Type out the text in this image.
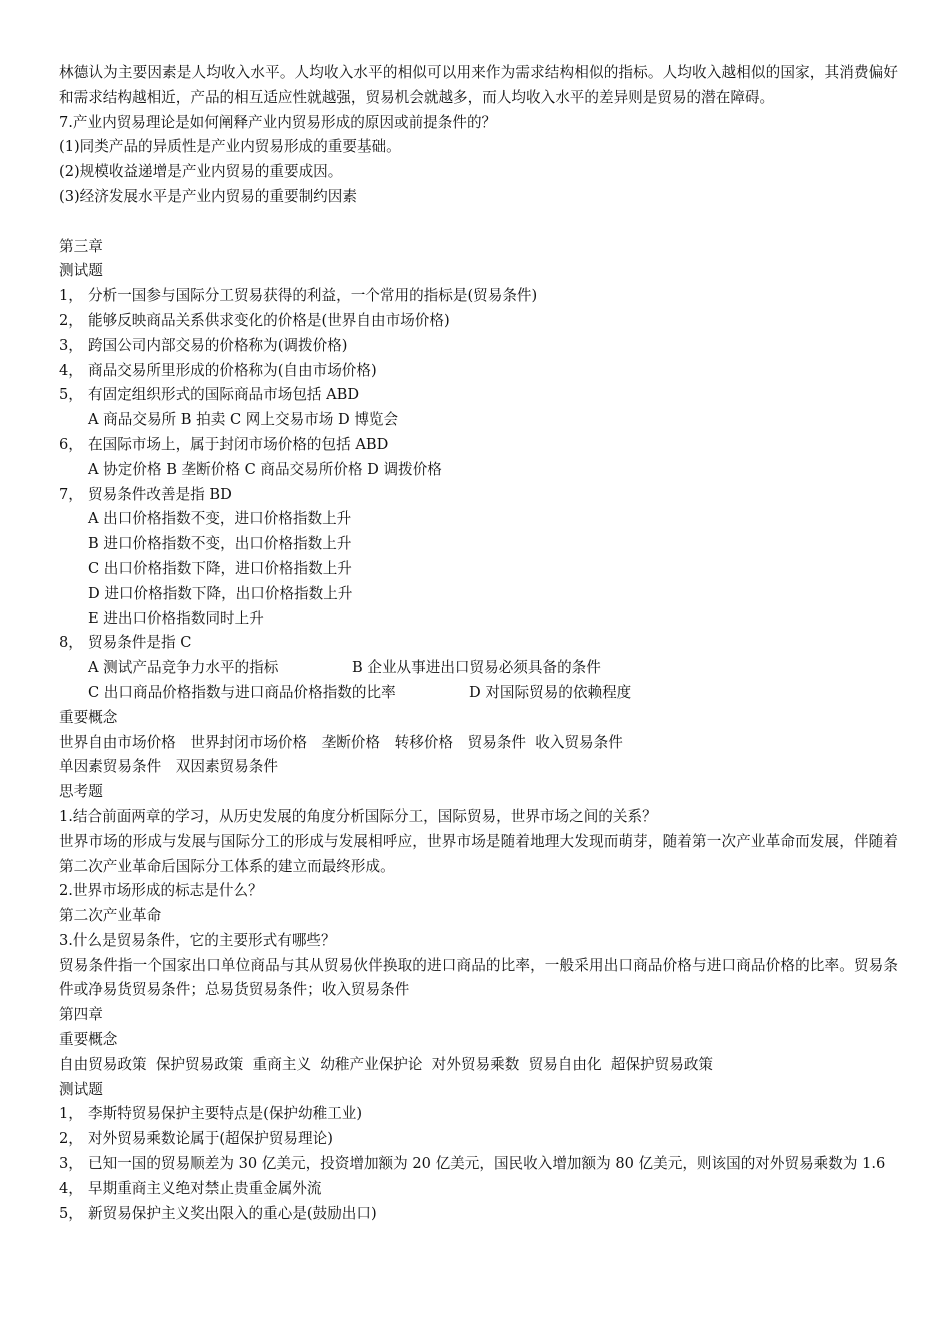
林德认为主要因素是人均收入水平。人均收入水平的相似可以用来作为需求结构相似的指标。人均收入越相似的国家，其消费偏好和需求结构越相近，产品的相互适应性就越强，贸易机会就越多，而人均收入水平的差异则是贸易的潜在障碍。

7.产业内贸易理论是如何阐释产业内贸易形成的原因或前提条件的？

(1)同类产品的异质性是产业内贸易形成的重要基础。

(2)规模收益递增是产业内贸易的重要成因。

(3)经济发展水平是产业内贸易的重要制约因素

第三章

测试题

1， 分析一国参与国际分工贸易获得的利益，一个常用的指标是(贸易条件)
2， 能够反映商品关系供求变化的价格是(世界自由市场价格)
3， 跨国公司内部交易的价格称为(调拨价格)
4， 商品交易所里形成的价格称为(自由市场价格)
5， 有固定组织形式的国际商品市场包括 ABD

A 商品交易所 B 拍卖 C 网上交易市场 D 博览会

6， 在国际市场上，属于封闭市场价格的包括 ABD

A 协定价格 B 垄断价格 C 商品交易所价格 D 调拨价格

7， 贸易条件改善是指 BD

A 出口价格指数不变，进口价格指数上升

B 进口价格指数不变，出口价格指数上升

C 出口价格指数下降，进口价格指数上升

D 进口价格指数下降，出口价格指数上升

E 进出口价格指数同时上升

8， 贸易条件是指 C
A 测试产品竞争力水平的指标	B 企业从事进出口贸易必须具备的条件
C 出口商品价格指数与进口商品价格指数的比率	D 对国际贸易的依赖程度

重要概念

世界自由市场价格　世界封闭市场价格　垄断价格　转移价格　贸易条件  收入贸易条件

单因素贸易条件　双因素贸易条件

思考题

1.结合前面两章的学习，从历史发展的角度分析国际分工，国际贸易，世界市场之间的关系？

世界市场的形成与发展与国际分工的形成与发展相呼应，世界市场是随着地理大发现而萌芽，随着第一次产业革命而发展，伴随着第二次产业革命后国际分工体系的建立而最终形成。

2.世界市场形成的标志是什么？

第二次产业革命

3.什么是贸易条件，它的主要形式有哪些？

贸易条件指一个国家出口单位商品与其从贸易伙伴换取的进口商品的比率，一般采用出口商品价格与进口商品价格的比率。贸易条件或净易货贸易条件；总易货贸易条件；收入贸易条件

第四章

重要概念

自由贸易政策  保护贸易政策  重商主义  幼稚产业保护论  对外贸易乘数  贸易自由化  超保护贸易政策

测试题

1， 李斯特贸易保护主要特点是(保护幼稚工业)
2， 对外贸易乘数论属于(超保护贸易理论)
3， 已知一国的贸易顺差为 30 亿美元，投资增加额为 20 亿美元，国民收入增加额为 80 亿美元，则该国的对外贸易乘数为 1.6
4， 早期重商主义绝对禁止贵重金属外流
5， 新贸易保护主义奖出限入的重心是(鼓励出口)
